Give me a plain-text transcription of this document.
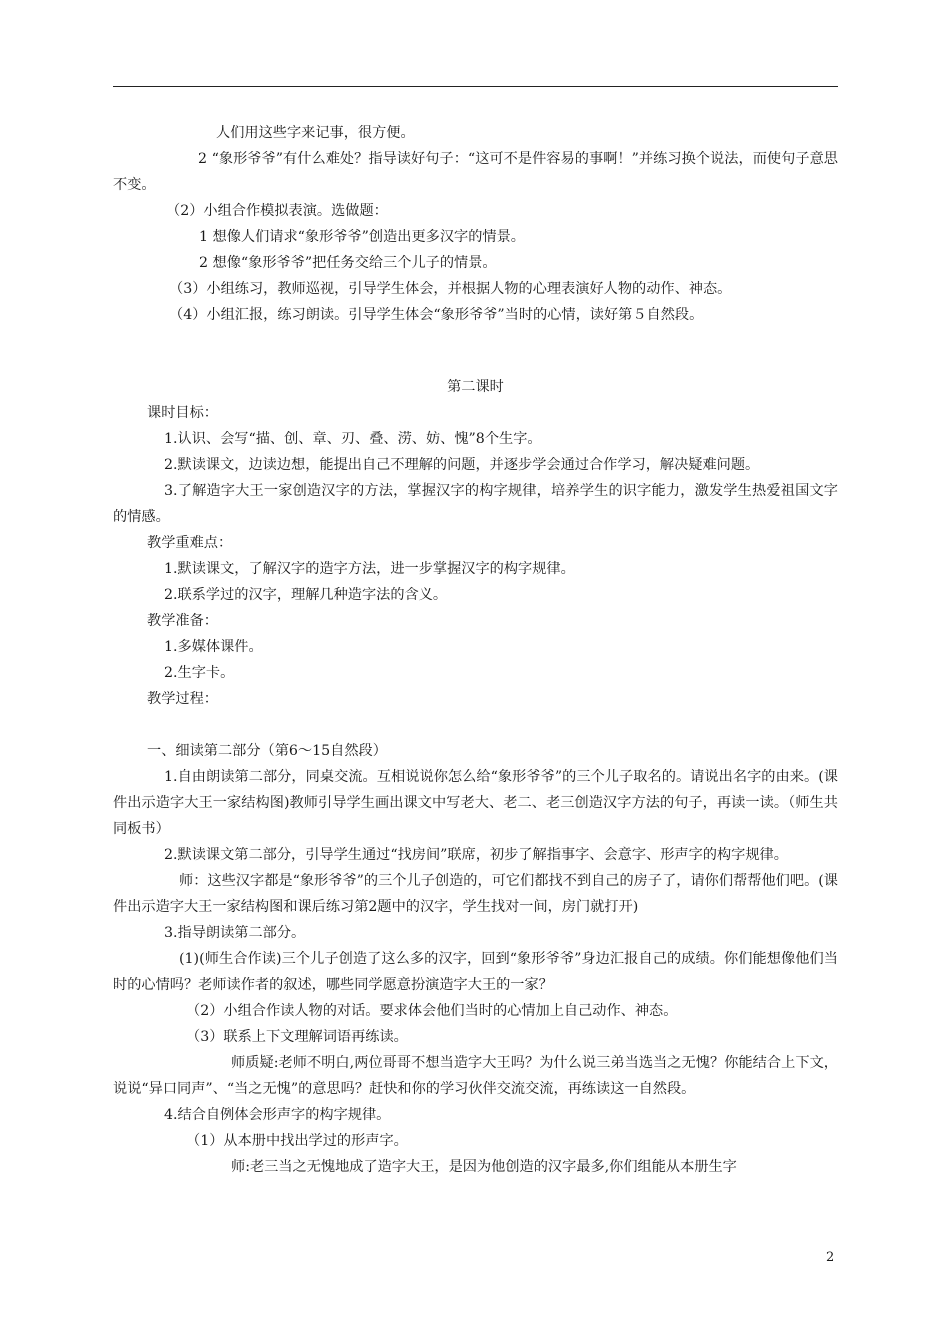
人们用这些字来记事，很方便。

2 “象形爷爷”有什么难处？指导读好句子：“这可不是件容易的事啊！”并练习换个说法，而使句子意思不变。

（2）小组合作模拟表演。选做题：

1 想像人们请求“象形爷爷”创造出更多汉字的情景。

2 想像“象形爷爷”把任务交给三个儿子的情景。

（3）小组练习，教师巡视，引导学生体会，并根据人物的心理表演好人物的动作、神态。

（4）小组汇报，练习朗读。引导学生体会“象形爷爷”当时的心情，读好第５自然段。

第二课时

课时目标：

1.认识、会写“描、创、章、刃、叠、涝、妨、愧”8个生字。

2.默读课文，边读边想，能提出自己不理解的问题，并逐步学会通过合作学习，解决疑难问题。

3.了解造字大王一家创造汉字的方法，掌握汉字的构字规律，培养学生的识字能力，激发学生热爱祖国文字的情感。

教学重难点：

1.默读课文，了解汉字的造字方法，进一步掌握汉字的构字规律。

2.联系学过的汉字，理解几种造字法的含义。

教学准备：

1.多媒体课件。

2.生字卡。

教学过程：

一、细读第二部分（第6～15自然段）

1.自由朗读第二部分，同桌交流。互相说说你怎么给“象形爷爷”的三个儿子取名的。请说出名字的由来。(课件出示造字大王一家结构图)教师引导学生画出课文中写老大、老二、老三创造汉字方法的句子，再读一读。（师生共同板书）

2.默读课文第二部分，引导学生通过“找房间”联席，初步了解指事字、会意字、形声字的构字规律。

师：这些汉字都是“象形爷爷”的三个儿子创造的，可它们都找不到自己的房子了，请你们帮帮他们吧。(课件出示造字大王一家结构图和课后练习第2题中的汉字，学生找对一间，房门就打开)

3.指导朗读第二部分。

(1)(师生合作读)三个儿子创造了这么多的汉字，回到“象形爷爷”身边汇报自己的成绩。你们能想像他们当时的心情吗？老师读作者的叙述，哪些同学愿意扮演造字大王的一家？

（2）小组合作读人物的对话。要求体会他们当时的心情加上自己动作、神态。

（3）联系上下文理解词语再练读。

师质疑:老师不明白,两位哥哥不想当造字大王吗？为什么说三弟当选当之无愧？你能结合上下文，说说“异口同声”、“当之无愧”的意思吗？赶快和你的学习伙伴交流交流，再练读这一自然段。

4.结合自例体会形声字的构字规律。

（1）从本册中找出学过的形声字。

师:老三当之无愧地成了造字大王，是因为他创造的汉字最多,你们组能从本册生字

2
